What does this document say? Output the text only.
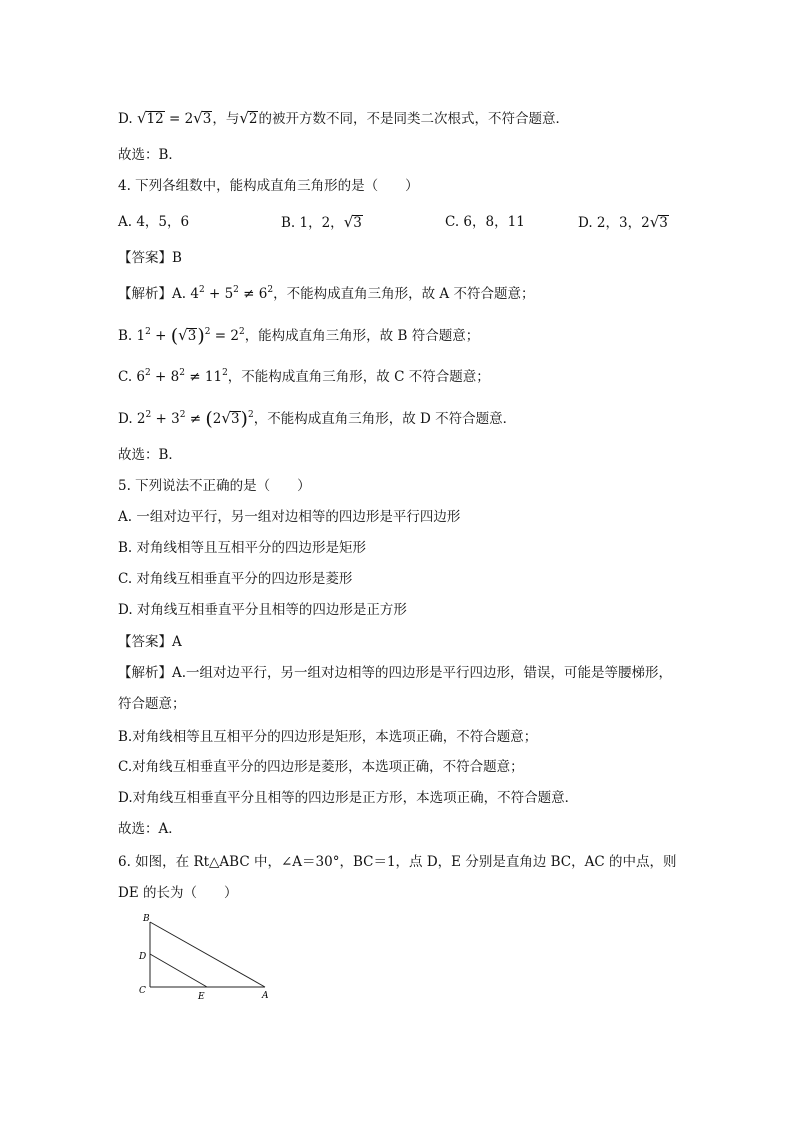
D. √12 = 2√3，与√2的被开方数不同，不是同类二次根式，不符合题意．
故选：B．
4. 下列各组数中，能构成直角三角形的是（　　）
A. 4，5，6	B. 1，2，√3	C. 6，8，11	D. 2，3，2√3
【答案】B
【解析】A. $4^2 + 5^2 \ne 6^2$，不能构成直角三角形，故 A 不符合题意；
B. $1^2 + (√3)^2 = 2^2$，能构成直角三角形，故 B 符合题意；
C. $6^2 + 8^2 \ne 11^2$，不能构成直角三角形，故 C 不符合题意；
D. $2^2 + 3^2 \ne (2√3)^2$，不能构成直角三角形，故 D 不符合题意．
故选：B．
5. 下列说法不正确的是（　　）
A. 一组对边平行，另一组对边相等的四边形是平行四边形
B. 对角线相等且互相平分的四边形是矩形
C. 对角线互相垂直平分的四边形是菱形
D. 对角线互相垂直平分且相等的四边形是正方形
【答案】A
【解析】A.一组对边平行，另一组对边相等的四边形是平行四边形，错误，可能是等腰梯形，
符合题意；
B.对角线相等且互相平分的四边形是矩形，本选项正确，不符合题意；
C.对角线互相垂直平分的四边形是菱形，本选项正确，不符合题意；
D.对角线互相垂直平分且相等的四边形是正方形，本选项正确，不符合题意．
故选：A．
6. 如图，在 Rt△ABC 中，∠A＝30°，BC＝1，点 D，E 分别是直角边 BC，AC 的中点，则
DE 的长为（　　）
B
D
C
E	A
